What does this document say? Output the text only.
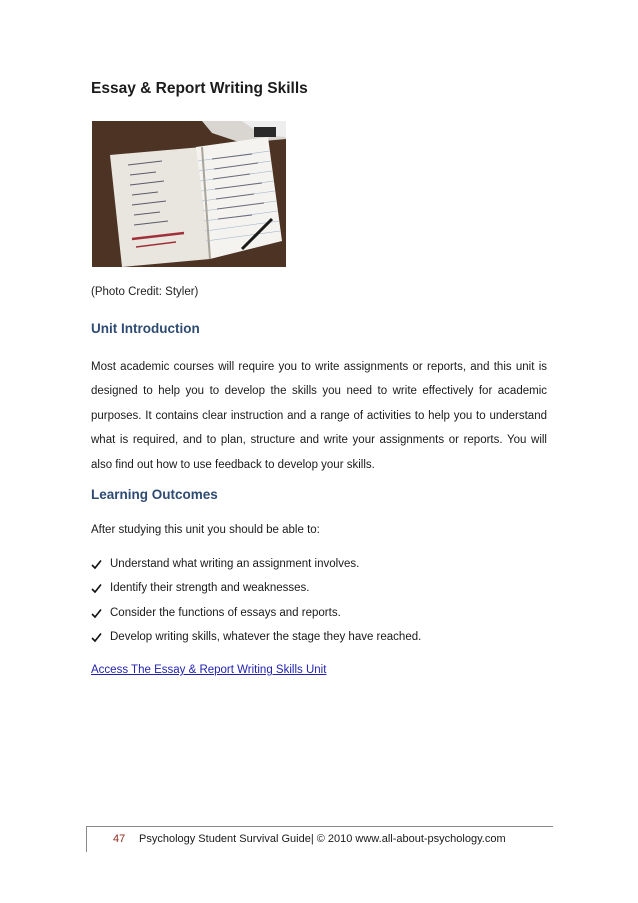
Essay & Report Writing Skills
(Photo Credit: Styler)
Unit Introduction

Most academic courses will require you to write assignments or reports, and this unit is designed to help you to develop the skills you need to write effectively for academic purposes. It contains clear instruction and a range of activities to help you to understand what is required, and to plan, structure and write your assignments or reports. You will also find out how to use feedback to develop your skills.

Learning Outcomes

After studying this unit you should be able to:

Understand what writing an assignment involves.
Identify their strength and weaknesses.
Consider the functions of essays and reports.
Develop writing skills, whatever the stage they have reached.
Access The Essay & Report Writing Skills Unit
47 Psychology Student Survival Guide| © 2010 www.all-about-psychology.com
